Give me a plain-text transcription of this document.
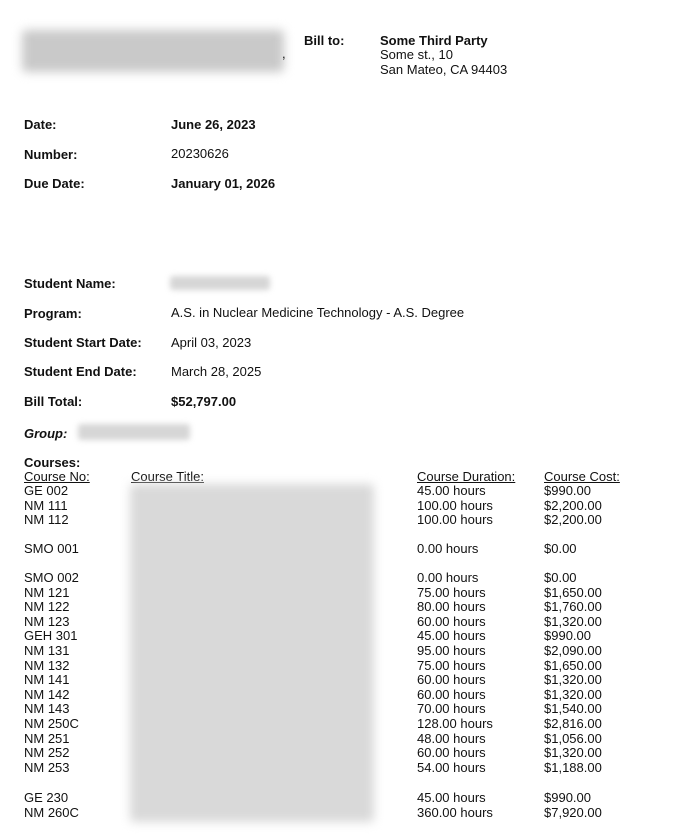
,
Bill to:	Some Third Party
Some st., 10
San Mateo, CA 94403
Date:	June 26, 2023
Number:	20230626
Due Date:	January 01, 2026
Student Name:
Program:	A.S. in Nuclear Medicine Technology - A.S. Degree
Student Start Date: April 03, 2023
Student End Date:	March 28, 2025
Bill Total:	$52,797.00
Group:
Courses:
Course No:	Course Title:	Course Duration: Course Cost:
GE 002	45.00 hours	$990.00
NM 111	100.00 hours	$2,200.00
NM 112	100.00 hours	$2,200.00
SMO 001	0.00 hours	$0.00
SMO 002	0.00 hours	$0.00
NM 121	75.00 hours	$1,650.00
NM 122	80.00 hours	$1,760.00
NM 123	60.00 hours	$1,320.00
GEH 301	45.00 hours	$990.00
NM 131	95.00 hours	$2,090.00
NM 132	75.00 hours	$1,650.00
NM 141	60.00 hours	$1,320.00
NM 142	60.00 hours	$1,320.00
NM 143	70.00 hours	$1,540.00
NM 250C	128.00 hours	$2,816.00
NM 251	48.00 hours	$1,056.00
NM 252	60.00 hours	$1,320.00
NM 253	54.00 hours	$1,188.00
GE 230	45.00 hours	$990.00
NM 260C	360.00 hours	$7,920.00
